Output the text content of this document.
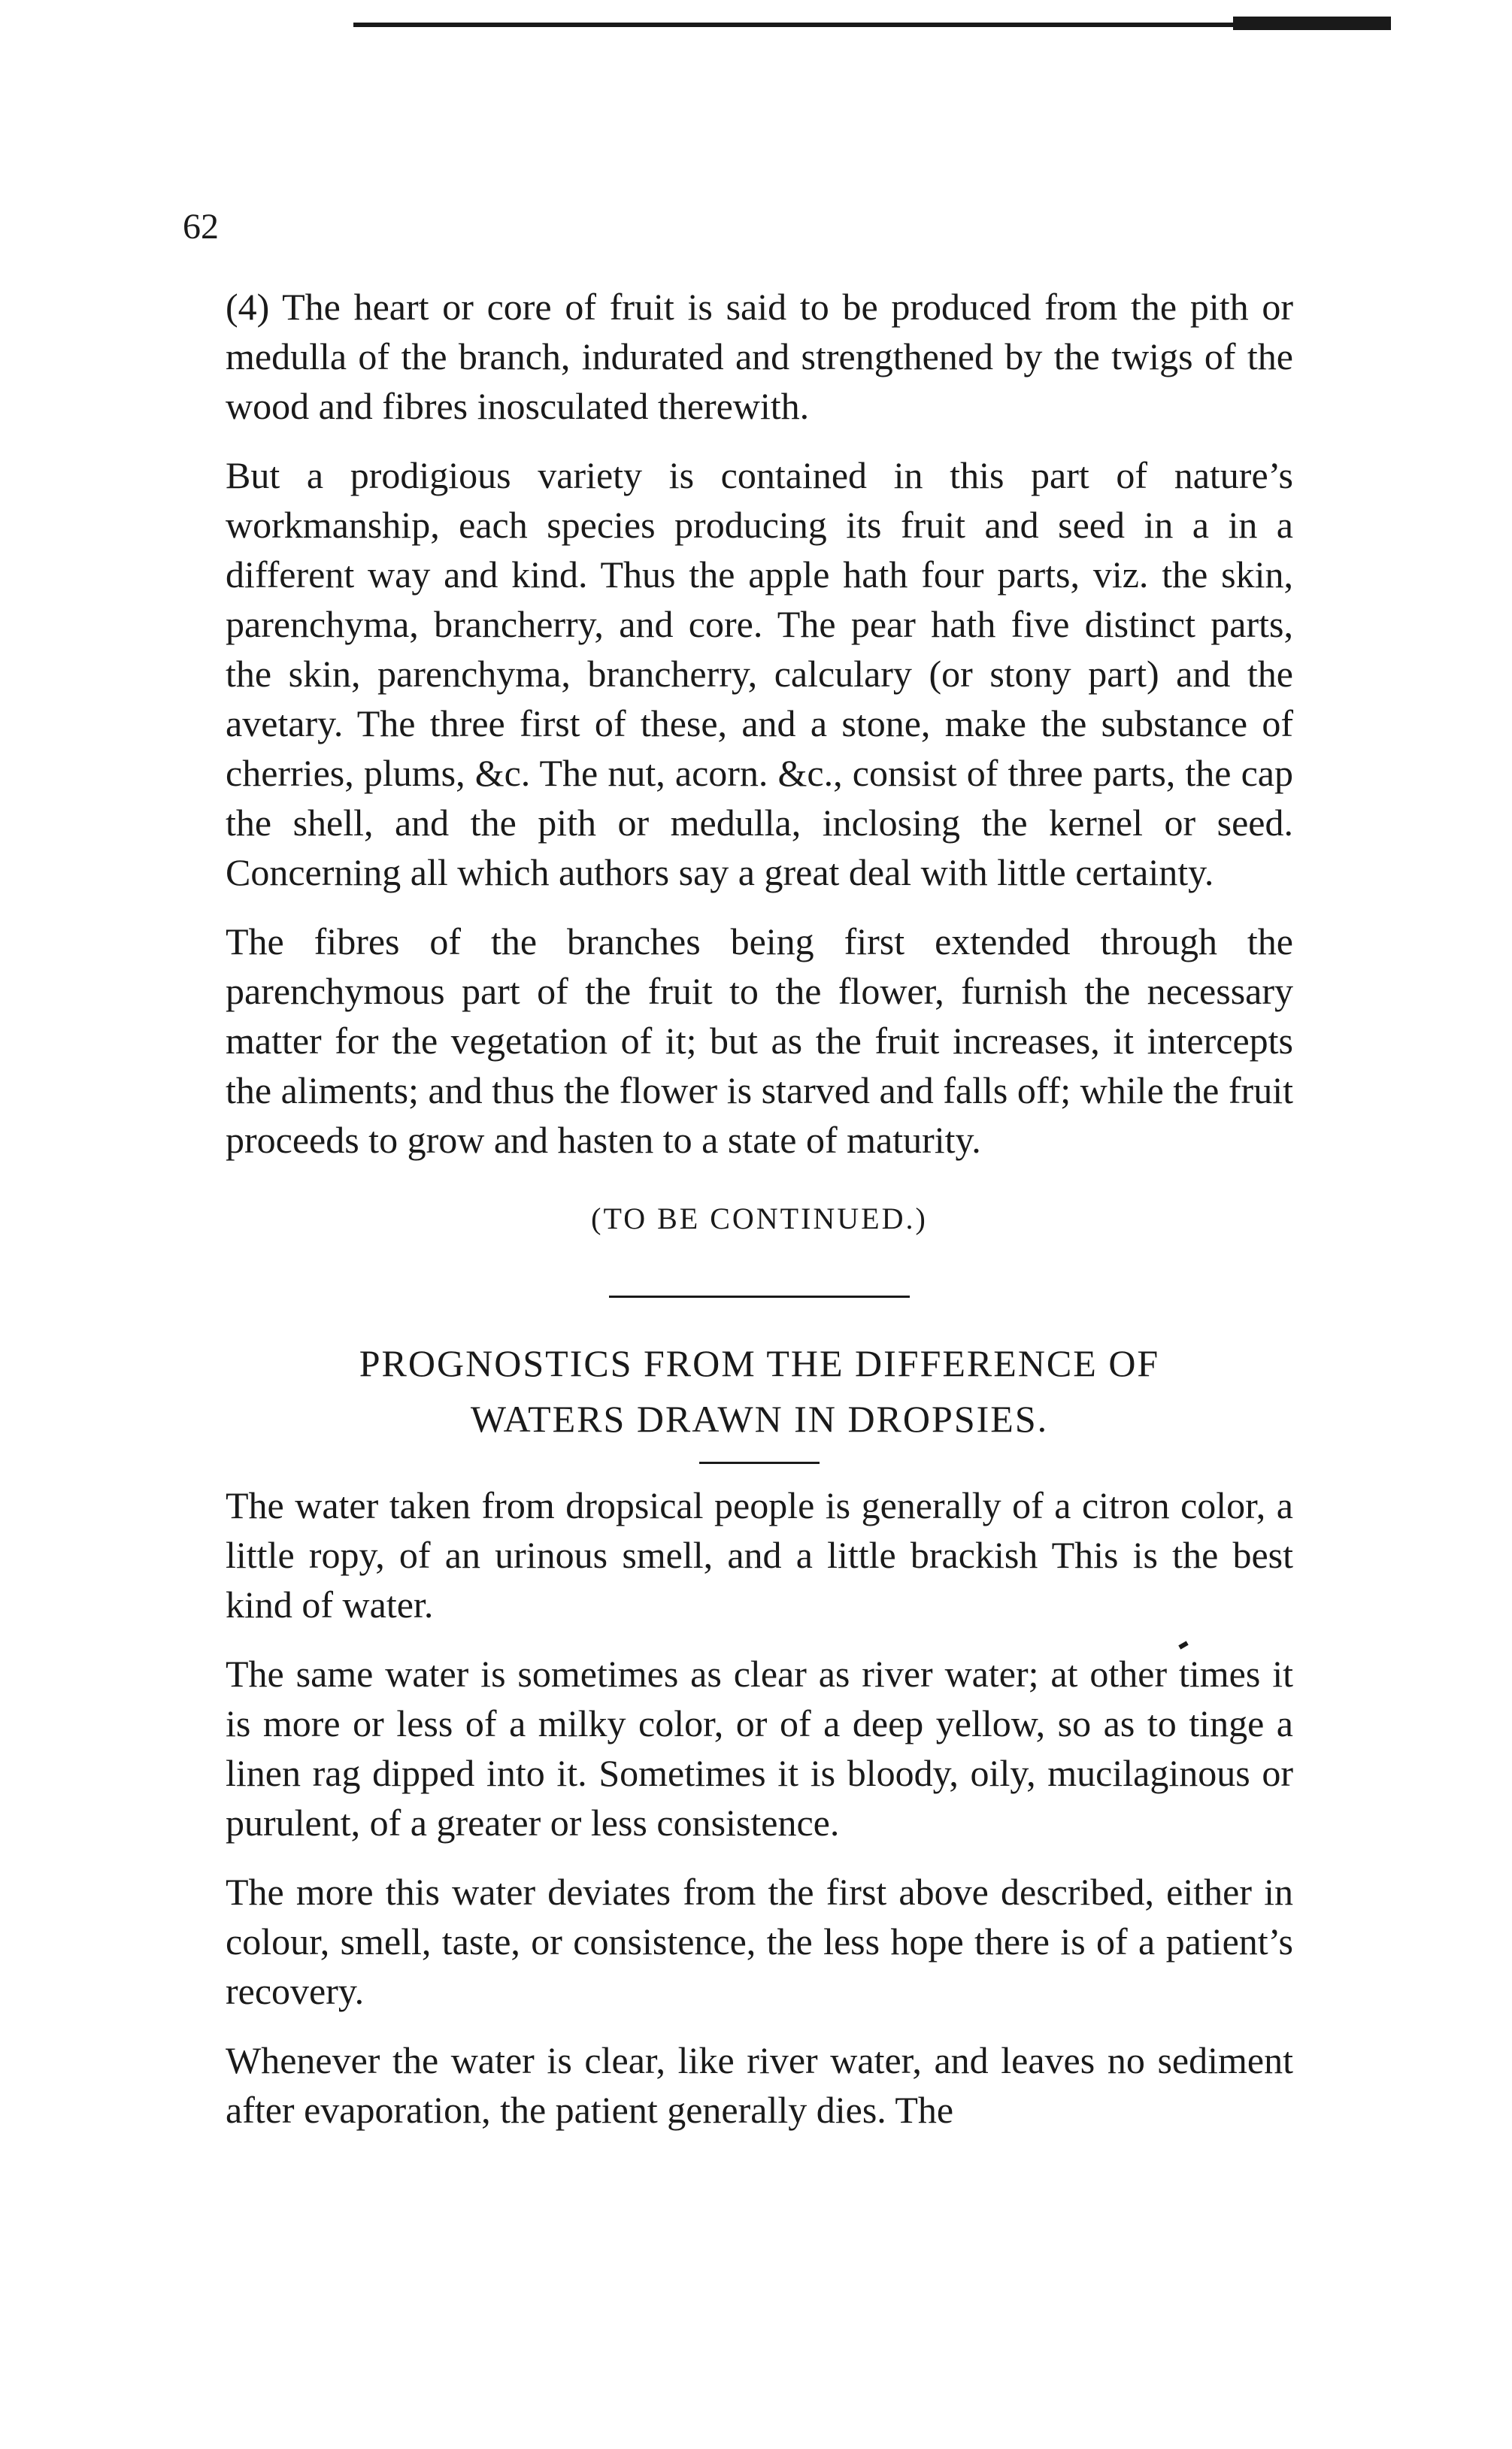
62

(4) The heart or core of fruit is said to be produced from the pith or medulla of the branch, indurated and strengthened by the twigs of the wood and fibres inosculated therewith.

But a prodigious variety is contained in this part of nature’s workmanship, each species producing its fruit and seed in a in a different way and kind. Thus the apple hath four parts, viz. the skin, parenchyma, brancherry, and core. The pear hath five distinct parts, the skin, parenchyma, brancherry, calculary (or stony part) and the avetary. The three first of these, and a stone, make the substance of cherries, plums, &c. The nut, acorn. &c., consist of three parts, the cap the shell, and the pith or medulla, inclosing the kernel or seed. Concerning all which authors say a great deal with little certainty.

The fibres of the branches being first extended through the parenchymous part of the fruit to the flower, furnish the necessary matter for the vegetation of it; but as the fruit increases, it intercepts the aliments; and thus the flower is starved and falls off; while the fruit proceeds to grow and hasten to a state of maturity.

(TO BE CONTINUED.)
PROGNOSTICS FROM THE DIFFERENCE OF
WATERS DRAWN IN DROPSIES.

The water taken from dropsical people is generally of a citron color, a little ropy, of an urinous smell, and a little brackish This is the best kind of water.

The same water is sometimes as clear as river water; at other times it is more or less of a milky color, or of a deep yellow, so as to tinge a linen rag dipped into it. Sometimes it is bloody, oily, mucilaginous or purulent, of a greater or less consistence.

The more this water deviates from the first above described, either in colour, smell, taste, or consistence, the less hope there is of a patient’s recovery.

Whenever the water is clear, like river water, and leaves no sediment after evaporation, the patient generally dies. The
